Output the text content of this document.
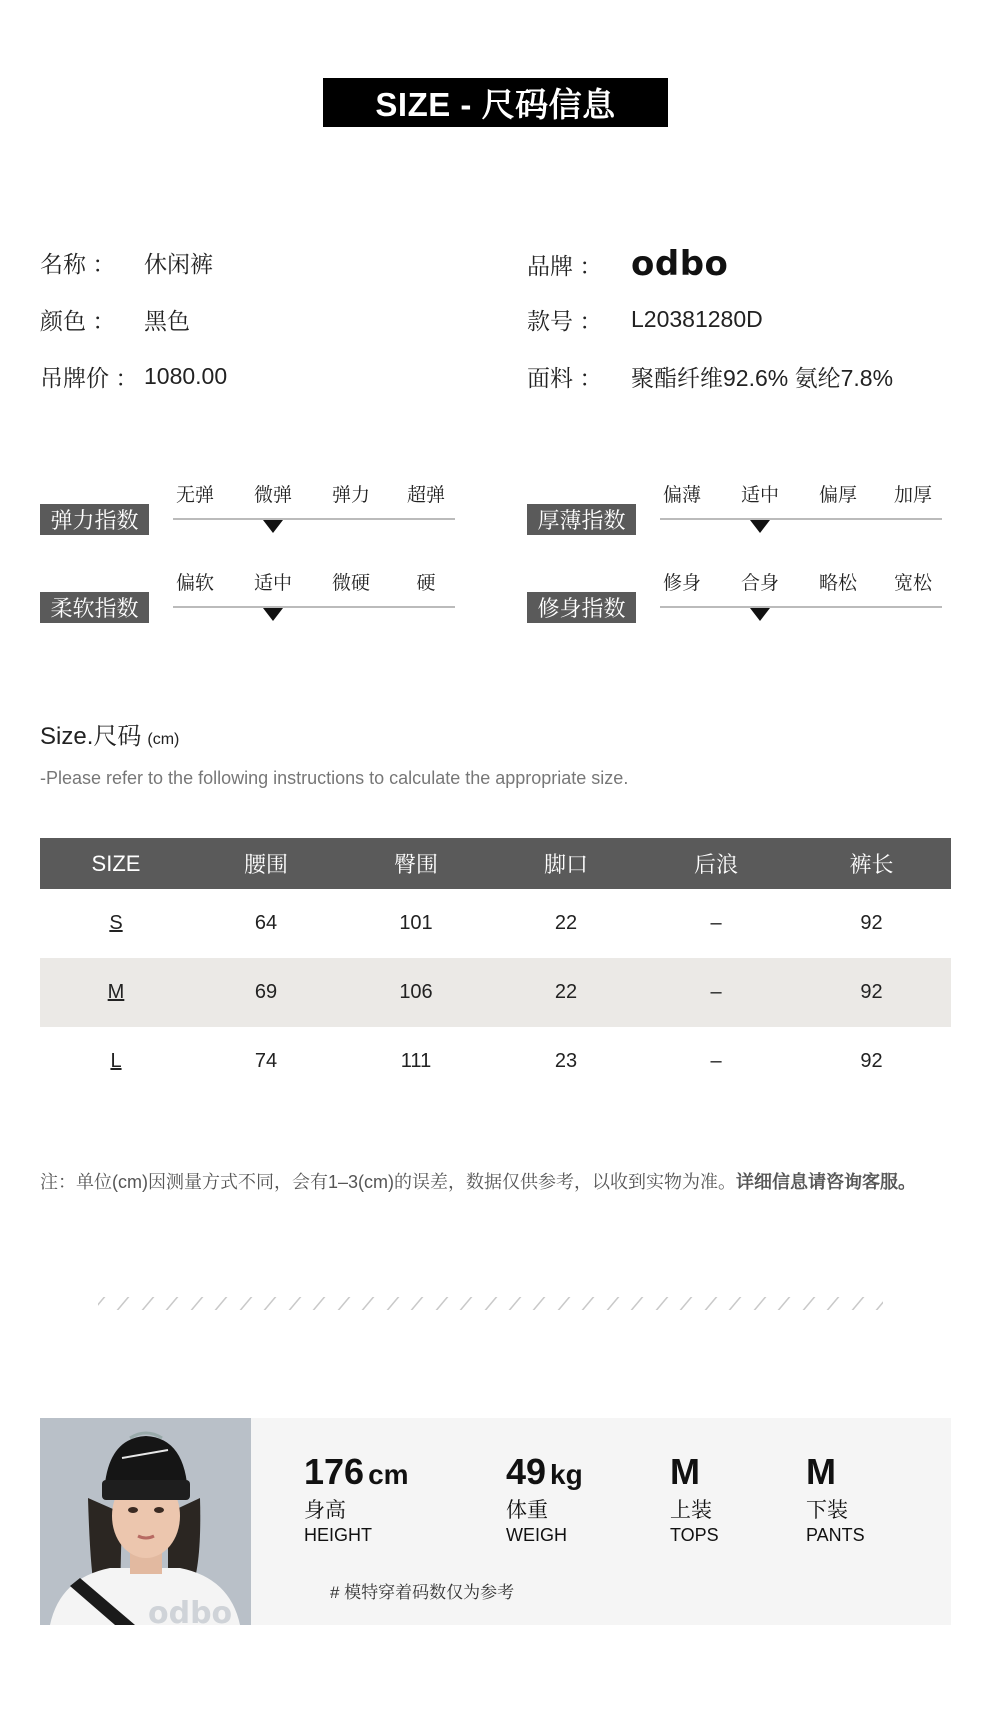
SIZE - 尺码信息
名称 ：	休闲裤
颜色 ：	黑色
吊牌价 ： 1080.00
品牌 ： odbo
款号 ：	L20381280D
面料 ：	聚酯纤维92.6% 氨纶7.8%
弹力指数
无弹 微弹 弹力 超弹
厚薄指数
偏薄 适中 偏厚 加厚
柔软指数
偏软 适中 微硬 硬
修身指数
修身 合身 略松 宽松
Size.尺码 (cm)
-Please refer to the following instructions to calculate the appropriate size.
SIZE	腰围	臀围	脚口	后浪	裤长
S	64	101	22	–	92
M	69	106	22	–	92
L	74	111	23	–	92
注：单位(cm)因测量方式不同，会有1–3(cm)的误差，数据仅供参考，以收到实物为准。详细信息请咨询客服。
odbo
176 cm
身高
HEIGHT
49 kg
体重
WEIGH
M
上装
TOPS
M
下装
PANTS
# 模特穿着码数仅为参考
